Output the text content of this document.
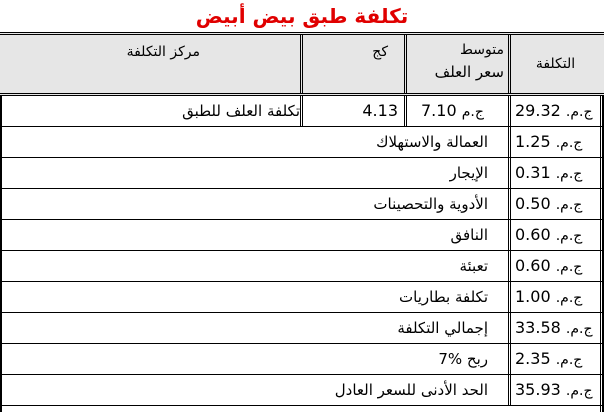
تكلفة طبق بيض أبيض
التكلفة
متوسط
سعر العلف
كج
مركز التكلفة
ج.م. 29.32
ج.م 7.10
4.13
تكلفة العلف للطبق
ج.م. 1.25
العمالة والاستهلاك
ج.م. 0.31
الإيجار
ج.م. 0.50
الأدوية والتحصينات
ج.م. 0.60
النافق
ج.م. 0.60
تعبئة
ج.م. 1.00
تكلفة بطاريات
ج.م. 33.58
إجمالي التكلفة
ج.م. 2.35
ربح %7
ج.م. 35.93
الحد الأدنى للسعر العادل
